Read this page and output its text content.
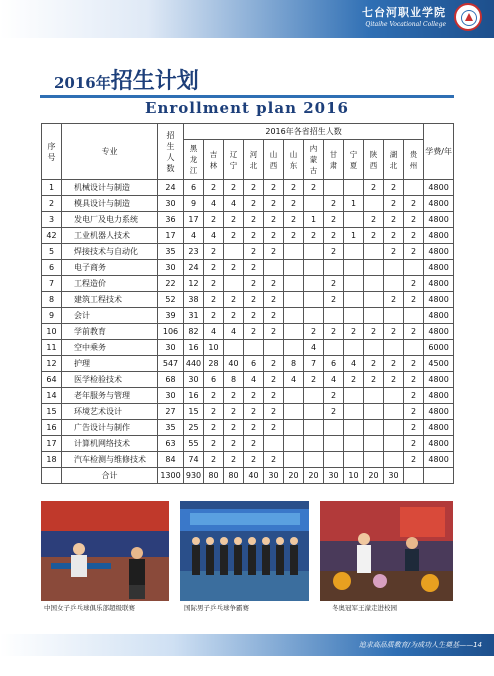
七台河职业学院
Qitaihe Vocational College
2016年招生计划
Enrollment plan 2016
序
号	专业	招
生
人
数	2016年各省招生人数												学费/年
			黑
龙
江	吉
林	辽
宁	河
北	山
西	山
东	内
蒙
古	甘
肃	宁
夏	陕
西	湖
北	贵
州	
1	机械设计与制造	24	6	2	2	2	2	2	2			2	2		4800
2	模具设计与制造	30	9	4	4	2	2	2		2	1		2	2	4800
3	发电厂及电力系统	36	17	2	2	2	2	2	1	2		2	2	2	4800
42	工业机器人技术	17	4	4	2	2	2	2	2	2	1	2	2	2	4800
5	焊接技术与自动化	35	23	2		2	2			2			2	2	4800
6	电子商务	30	24	2	2	2									4800
7	工程造价	22	12	2		2	2			2				2	4800
8	建筑工程技术	52	38	2	2	2	2			2			2	2	4800
9	会计	39	31	2	2	2	2								4800
10	学前教育	106	82	4	4	2	2		2	2	2	2	2	2	4800
11	空中乘务	30	16	10					4						6000
12	护理	547	440	28	40	6	2	8	7	6	4	2	2	2	4500
64	医学检验技术	68	30	6	8	4	2	4	2	4	2	2	2	2	4800
14	老年服务与管理	30	16	2	2	2	2			2				2	4800
15	环境艺术设计	27	15	2	2	2	2			2				2	4800
16	广告设计与制作	35	25	2	2	2	2							2	4800
17	计算机网络技术	63	55	2	2	2								2	4800
18	汽车检测与维修技术	84	74	2	2	2	2							2	4800
	合计	1300	930	80	80	40	30	20	20	30	10	20	30		
中国女子乒乓球俱乐部超级联赛	国际男子乒乓球争霸赛	冬奥冠军王濛走进校园
追求高品质教育/为成功人生奠基——14
